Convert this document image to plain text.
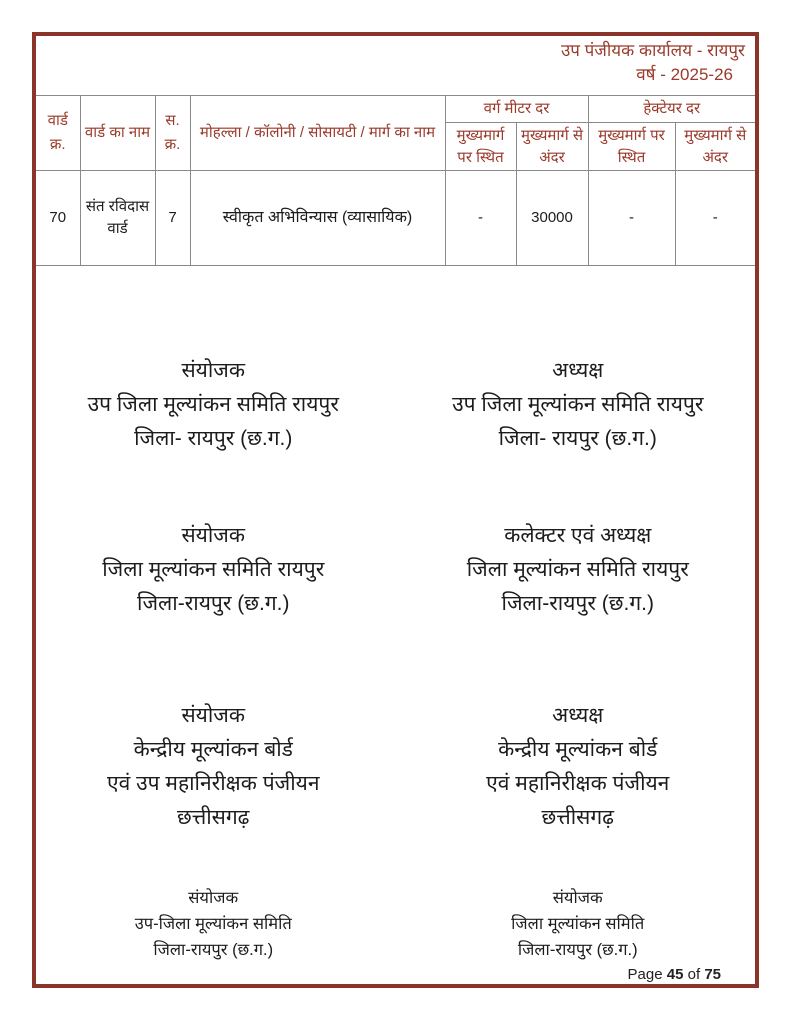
उप पंजीयक कार्यालय - रायपुर
वर्ष - 2025-26
वार्ड क्र.	वार्ड का नाम	स. क्र.	मोहल्ला / कॉलोनी / सोसायटी / मार्ग का नाम	वर्ग मीटर दर		हेक्टेयर दर	
				मुख्यमार्ग पर स्थित	मुख्यमार्ग से अंदर	मुख्यमार्ग पर स्थित	मुख्यमार्ग से अंदर
70	संत रविदास वार्ड	7	स्वीकृत अभिविन्यास (व्यासायिक)	-	30000	-	-
संयोजक
उप जिला मूल्यांकन समिति रायपुर
जिला- रायपुर (छ.ग.)
अध्यक्ष
उप जिला मूल्यांकन समिति रायपुर
जिला- रायपुर (छ.ग.)
संयोजक
जिला मूल्यांकन समिति रायपुर
जिला-रायपुर (छ.ग.)
कलेक्टर एवं अध्यक्ष
जिला मूल्यांकन समिति रायपुर
जिला-रायपुर (छ.ग.)
संयोजक
केन्द्रीय मूल्यांकन बोर्ड
एवं उप महानिरीक्षक पंजीयन
छत्तीसगढ़
अध्यक्ष
केन्द्रीय मूल्यांकन बोर्ड
एवं महानिरीक्षक पंजीयन
छत्तीसगढ़
संयोजक
उप-जिला मूल्यांकन समिति
जिला-रायपुर (छ.ग.)
संयोजक
जिला मूल्यांकन समिति
जिला-रायपुर (छ.ग.)
Page 45 of 75
